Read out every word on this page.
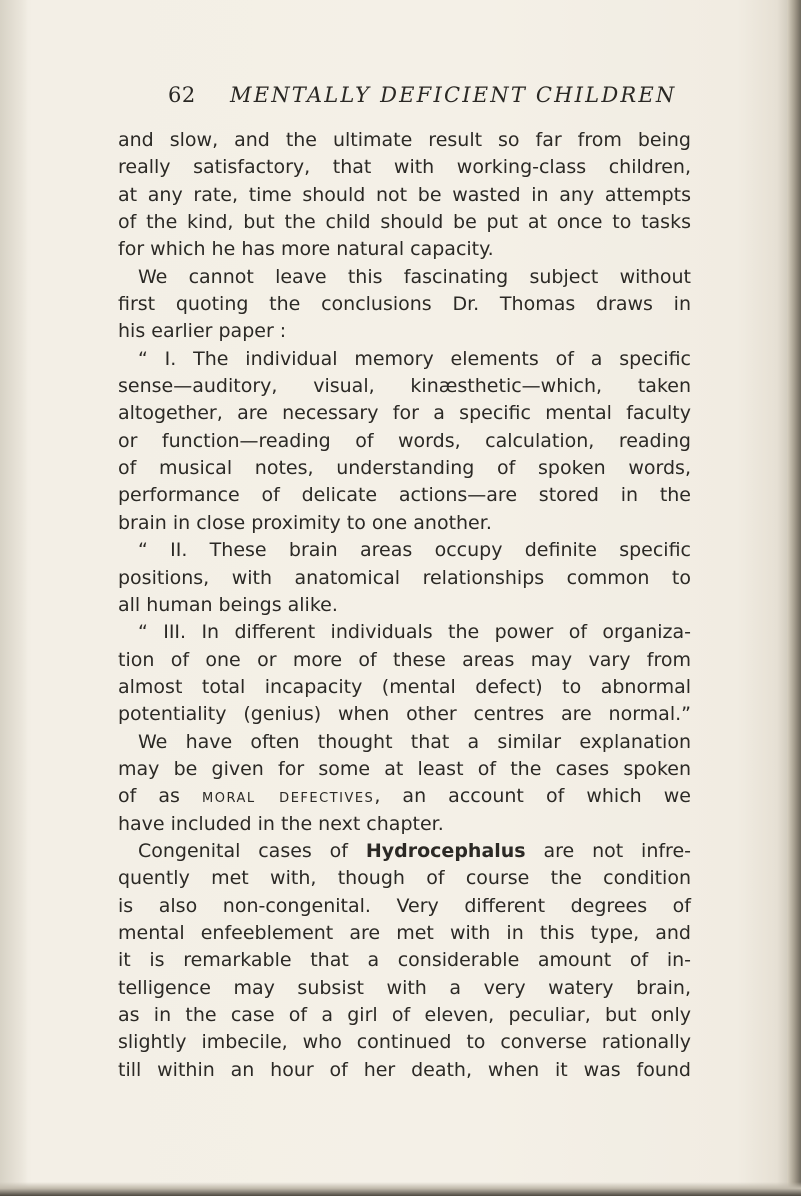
62 MENTALLY DEFICIENT CHILDREN
and slow, and the ultimate result so far from being
really satisfactory, that with working-class children,
at any rate, time should not be wasted in any attempts
of the kind, but the child should be put at once to tasks
for which he has more natural capacity.
We cannot leave this fascinating subject without
first quoting the conclusions Dr. Thomas draws in
his earlier paper :
“ I. The individual memory elements of a specific
sense—auditory, visual, kinæsthetic—which, taken
altogether, are necessary for a specific mental faculty
or function—reading of words, calculation, reading
of musical notes, understanding of spoken words,
performance of delicate actions—are stored in the
brain in close proximity to one another.
“ II. These brain areas occupy definite specific
positions, with anatomical relationships common to
all human beings alike.
“ III. In different individuals the power of organiza-
tion of one or more of these areas may vary from
almost total incapacity (mental defect) to abnormal
potentiality (genius) when other centres are normal.”
We have often thought that a similar explanation
may be given for some at least of the cases spoken
of as moral defectives, an account of which we
have included in the next chapter.
Congenital cases of Hydrocephalus are not infre-
quently met with, though of course the condition
is also non-congenital. Very different degrees of
mental enfeeblement are met with in this type, and
it is remarkable that a considerable amount of in-
telligence may subsist with a very watery brain,
as in the case of a girl of eleven, peculiar, but only
slightly imbecile, who continued to converse rationally
till within an hour of her death, when it was found
